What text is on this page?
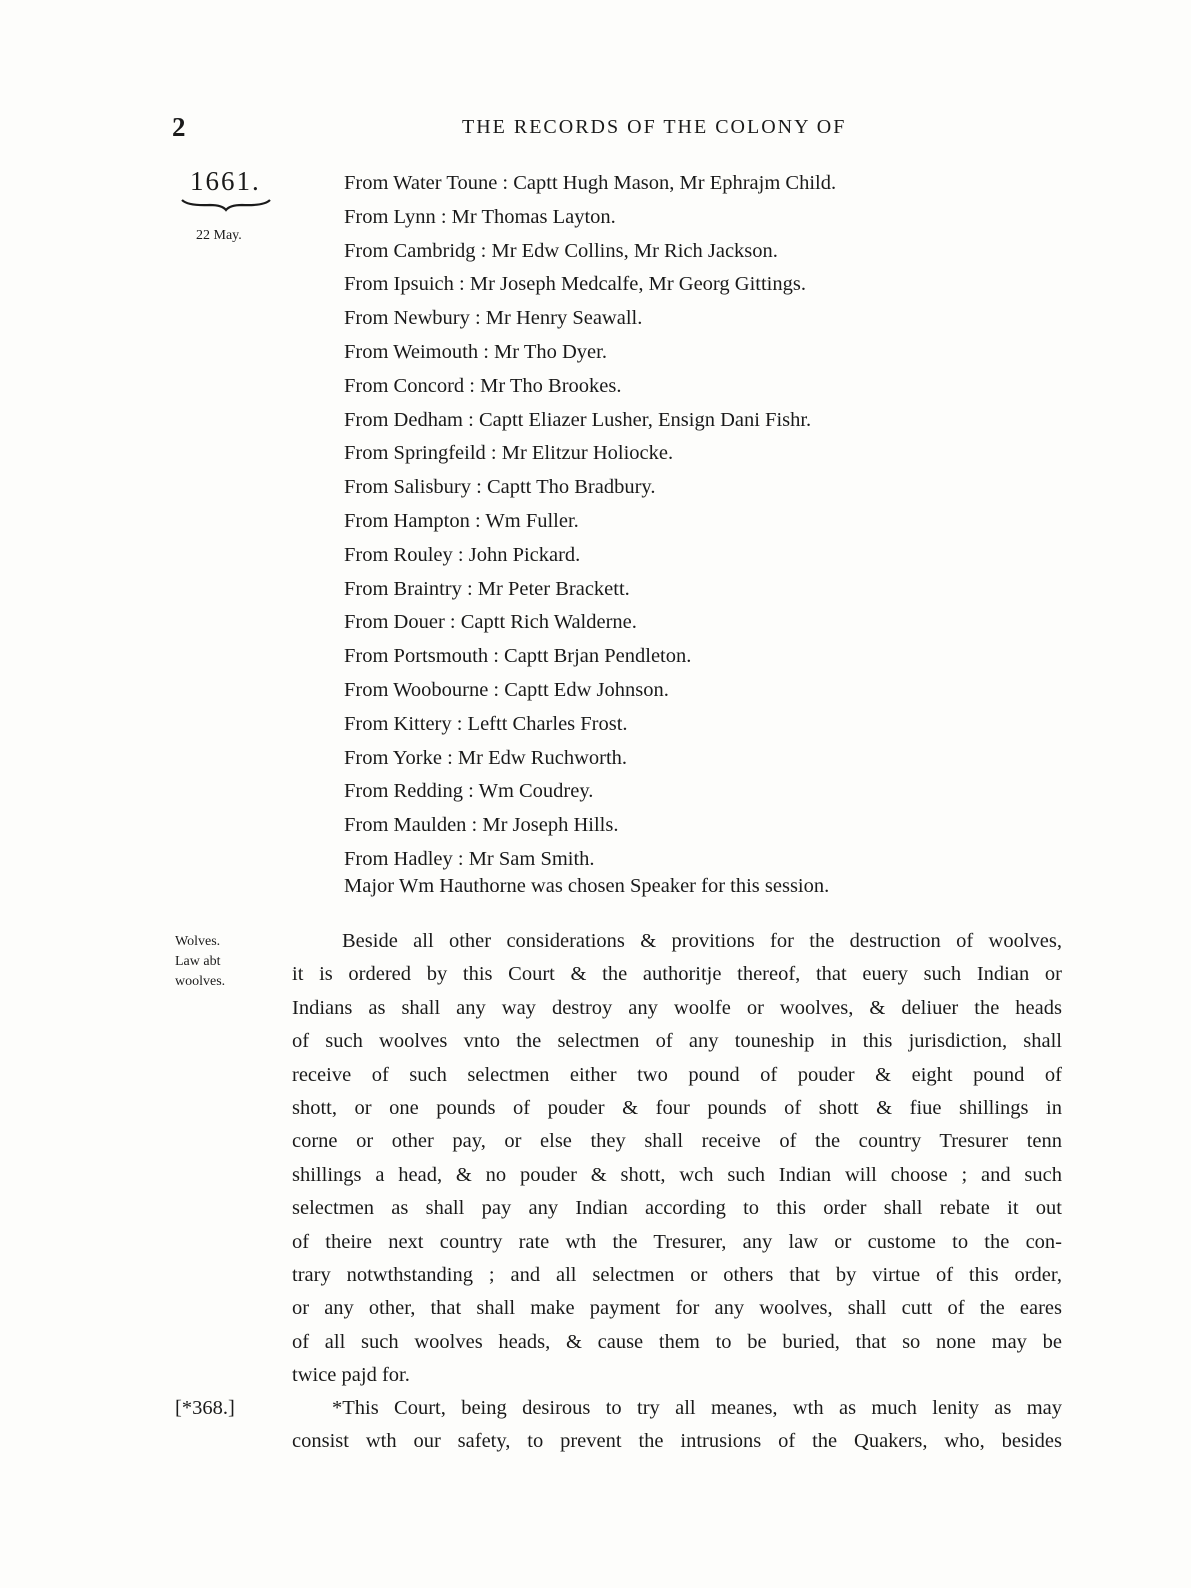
2	THE RECORDS OF THE COLONY OF
1661.
22 May.
From Water Toune : Captt Hugh Mason, Mr Ephrajm Child.
From Lynn : Mr Thomas Layton.
From Cambridg : Mr Edw Collins, Mr Rich Jackson.
From Ipsuich : Mr Joseph Medcalfe, Mr Georg Gittings.
From Newbury : Mr Henry Seawall.
From Weimouth : Mr Tho Dyer.
From Concord : Mr Tho Brookes.
From Dedham : Captt Eliazer Lusher, Ensign Dani Fishr.
From Springfeild : Mr Elitzur Holiocke.
From Salisbury : Captt Tho Bradbury.
From Hampton : Wm Fuller.
From Rouley : John Pickard.
From Braintry : Mr Peter Brackett.
From Douer : Captt Rich Walderne.
From Portsmouth : Captt Brjan Pendleton.
From Woobourne : Captt Edw Johnson.
From Kittery : Leftt Charles Frost.
From Yorke : Mr Edw Ruchworth.
From Redding : Wm Coudrey.
From Maulden : Mr Joseph Hills.
From Hadley : Mr Sam Smith.
Major Wm Hauthorne was chosen Speaker for this session.
Wolves.
Law abt
woolves.
Beside all other considerations & provitions for the destruction of woolves,
it is ordered by this Court & the authoritje thereof, that euery such Indian or
Indians as shall any way destroy any woolfe or woolves, & deliuer the heads
of such woolves vnto the selectmen of any touneship in this jurisdiction, shall
receive of such selectmen either two pound of pouder & eight pound of
shott, or one pounds of pouder & four pounds of shott & fiue shillings in
corne or other pay, or else they shall receive of the country Tresurer tenn
shillings a head, & no pouder & shott, wch such Indian will choose ; and such
selectmen as shall pay any Indian according to this order shall rebate it out
of theire next country rate wth the Tresurer, any law or custome to the con-
trary notwthstanding ; and all selectmen or others that by virtue of this order,
or any other, that shall make payment for any woolves, shall cutt of the eares
of all such woolves heads, & cause them to be buried, that so none may be
twice pajd for.
[*368.]	*This Court, being desirous to try all meanes, wth as much lenity as may
consist wth our safety, to prevent the intrusions of the Quakers, who, besides
